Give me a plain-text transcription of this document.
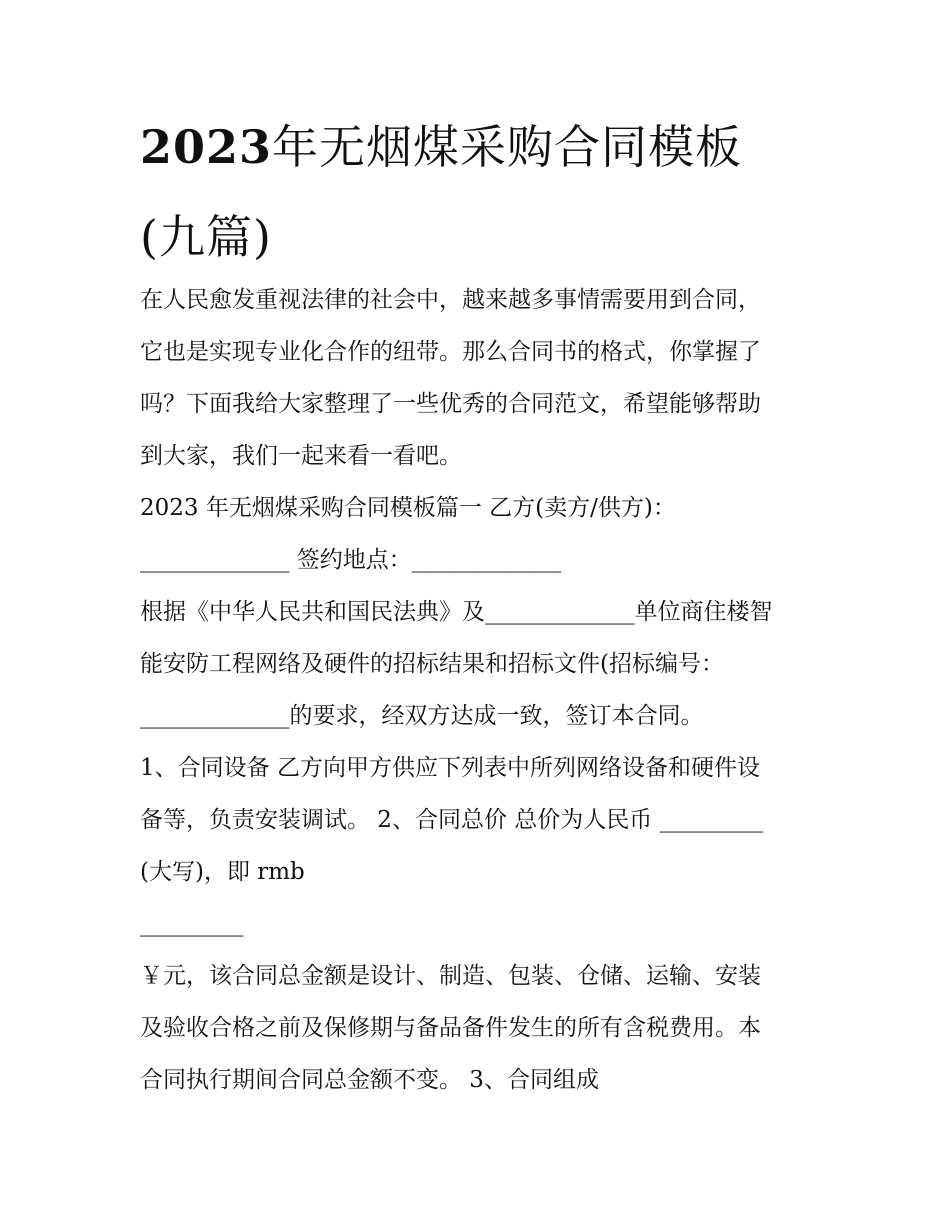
2023年无烟煤采购合同模板
(九篇)
在人民愈发重视法律的社会中，越来越多事情需要用到合同，
它也是实现专业化合作的纽带。那么合同书的格式，你掌握了
吗？下面我给大家整理了一些优秀的合同范文，希望能够帮助
到大家，我们一起来看一看吧。
2023 年无烟煤采购合同模板篇一 乙方(卖方/供方)：
_____________ 签约地点：_____________
根据《中华人民共和国民法典》及_____________单位商住楼智
能安防工程网络及硬件的招标结果和招标文件(招标编号：
_____________的要求，经双方达成一致，签订本合同。
1、合同设备 乙方向甲方供应下列表中所列网络设备和硬件设
备等，负责安装调试。 2、合同总价 总价为人民币 _________
(大写)，即 rmb
_________
￥元，该合同总金额是设计、制造、包装、仓储、运输、安装
及验收合格之前及保修期与备品备件发生的所有含税费用。本
合同执行期间合同总金额不变。 3、合同组成
